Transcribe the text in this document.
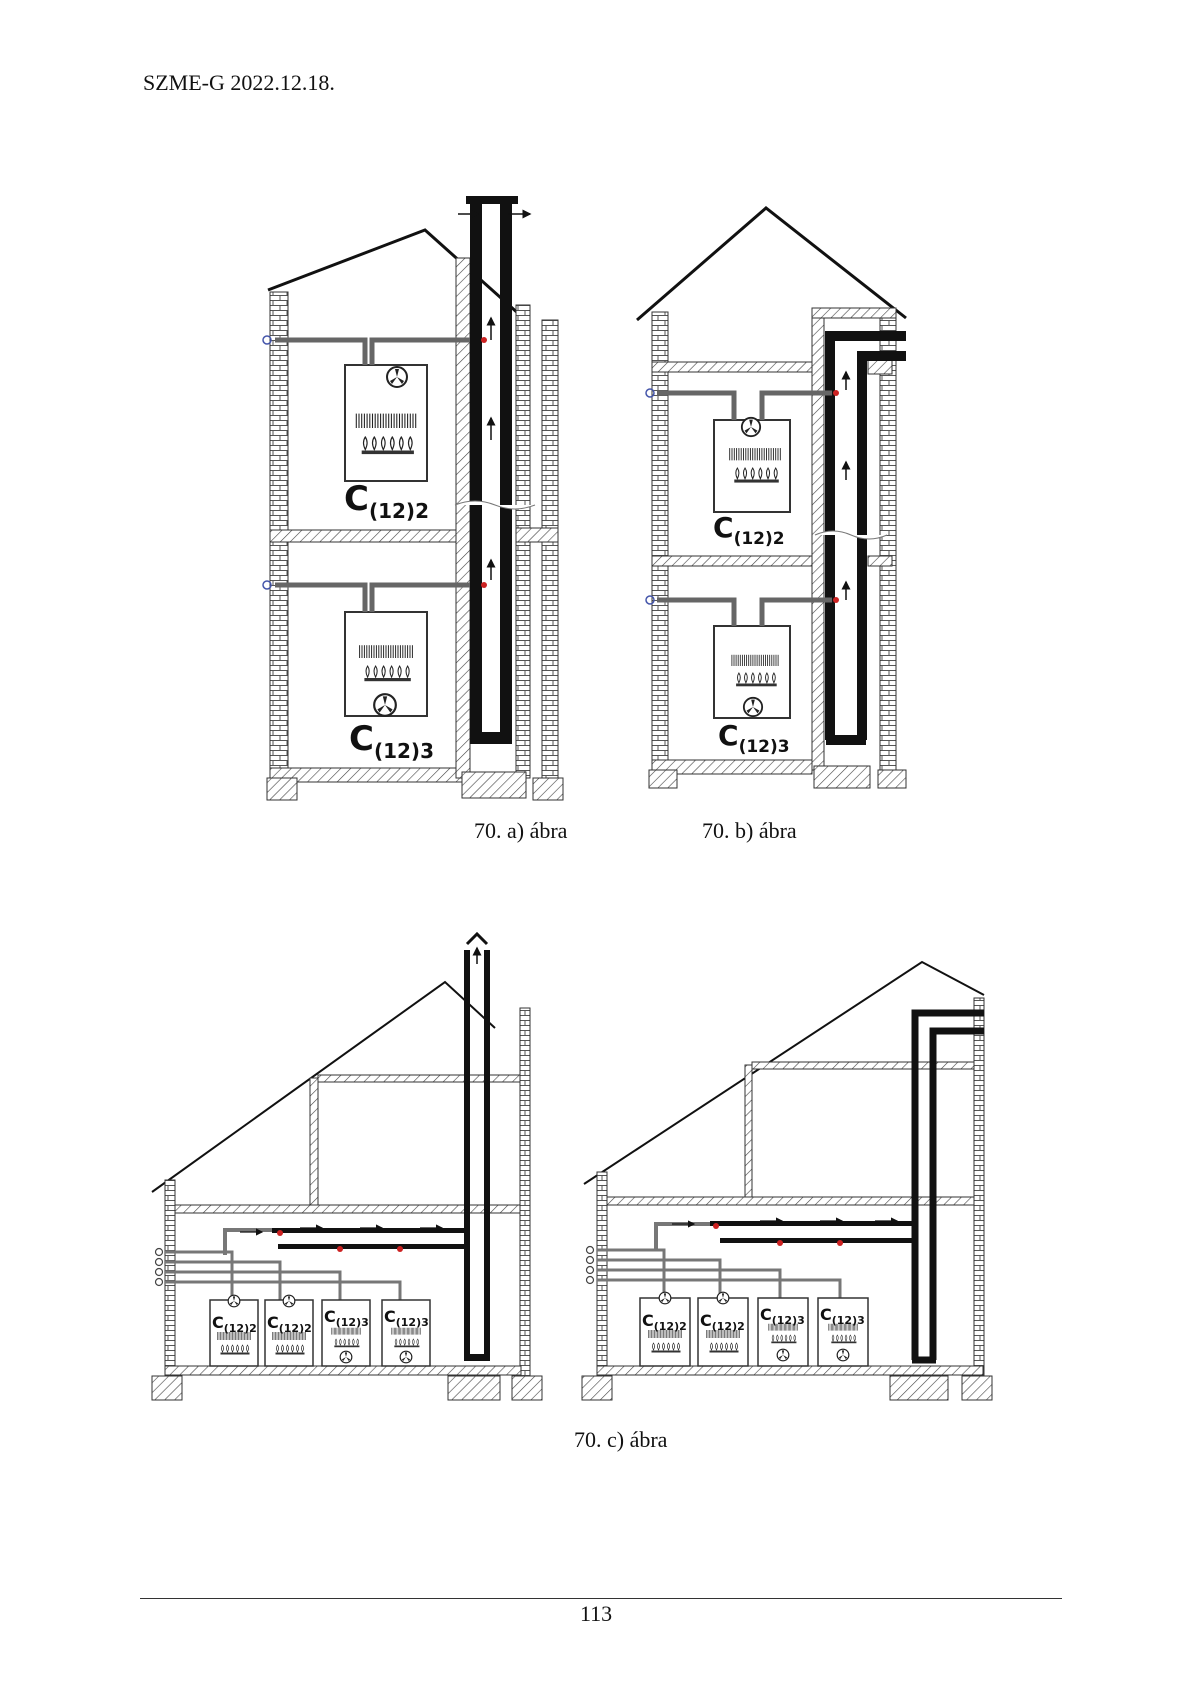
SZME-G 2022.12.18.
$C_{(12)}2$
$C_{(12)}3$
$C_{(12)}2$
$C_{(12)}3$
$C_{(12)}2$ $C_{(12)}2$
$C_{(12)}3$ $C_{(12)}3$	$C_{(12)}2$ $C_{(12)}2$
$C_{(12)}3$ $C_{(12)}3$
70. a) ábra	70. b) ábra
70. c) ábra
113
